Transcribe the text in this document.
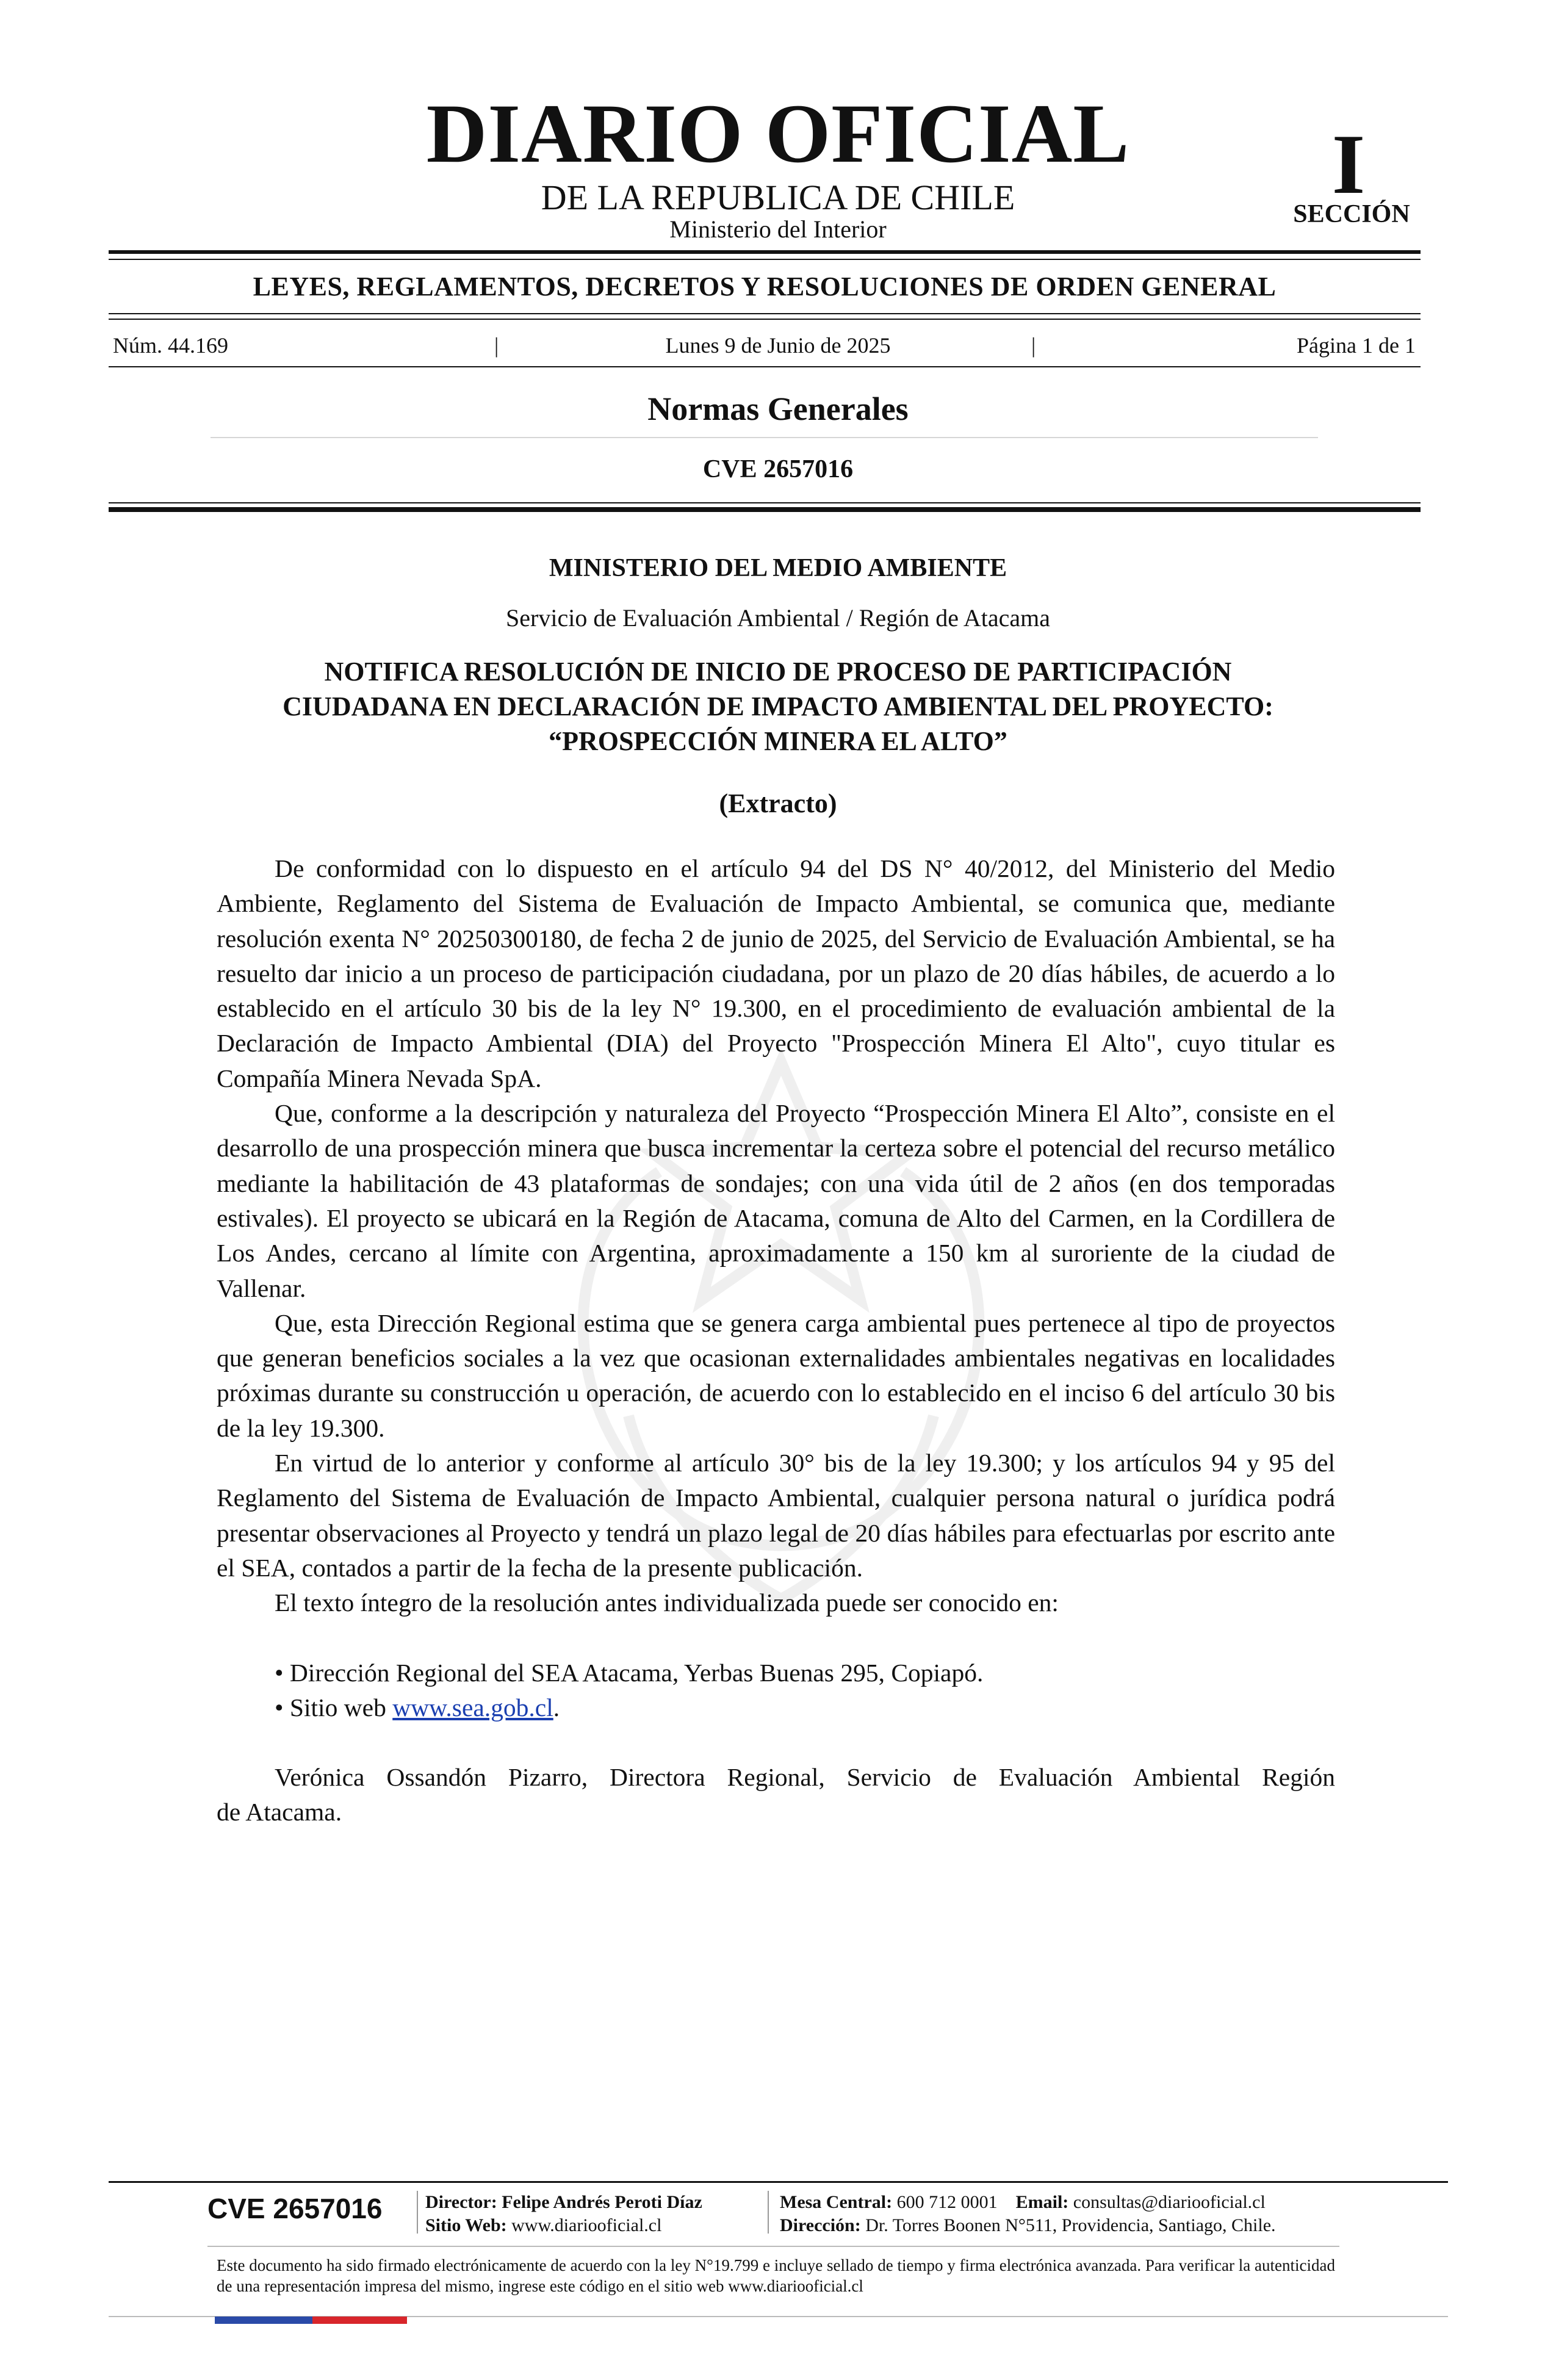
DIARIO OFICIAL
DE LA REPUBLICA DE CHILE
Ministerio del Interior
I
SECCIÓN
LEYES, REGLAMENTOS, DECRETOS Y RESOLUCIONES DE ORDEN GENERAL
Núm. 44.169	|	Lunes 9 de Junio de 2025	|	Página 1 de 1
Normas Generales
CVE 2657016
MINISTERIO DEL MEDIO AMBIENTE
Servicio de Evaluación Ambiental / Región de Atacama
NOTIFICA RESOLUCIÓN DE INICIO DE PROCESO DE PARTICIPACIÓN
CIUDADANA EN DECLARACIÓN DE IMPACTO AMBIENTAL DEL PROYECTO:
“PROSPECCIÓN MINERA EL ALTO”
(Extracto)

De conformidad con lo dispuesto en el artículo 94 del DS N° 40/2012, del Ministerio del Medio Ambiente, Reglamento del Sistema de Evaluación de Impacto Ambiental, se comunica que, mediante resolución exenta N° 20250300180, de fecha 2 de junio de 2025, del Servicio de Evaluación Ambiental, se ha resuelto dar inicio a un proceso de participación ciudadana, por un plazo de 20 días hábiles, de acuerdo a lo establecido en el artículo 30 bis de la ley N° 19.300, en el procedimiento de evaluación ambiental de la Declaración de Impacto Ambiental (DIA) del Proyecto "Prospección Minera El Alto", cuyo titular es Compañía Minera Nevada SpA.

Que, conforme a la descripción y naturaleza del Proyecto “Prospección Minera El Alto”, consiste en el desarrollo de una prospección minera que busca incrementar la certeza sobre el potencial del recurso metálico mediante la habilitación de 43 plataformas de sondajes; con una vida útil de 2 años (en dos temporadas estivales). El proyecto se ubicará en la Región de Atacama, comuna de Alto del Carmen, en la Cordillera de Los Andes, cercano al límite con Argentina, aproximadamente a 150 km al suroriente de la ciudad de Vallenar.

Que, esta Dirección Regional estima que se genera carga ambiental pues pertenece al tipo de proyectos que generan beneficios sociales a la vez que ocasionan externalidades ambientales negativas en localidades próximas durante su construcción u operación, de acuerdo con lo establecido en el inciso 6 del artículo 30 bis de la ley 19.300.

En virtud de lo anterior y conforme al artículo 30° bis de la ley 19.300; y los artículos 94 y 95 del Reglamento del Sistema de Evaluación de Impacto Ambiental, cualquier persona natural o jurídica podrá presentar observaciones al Proyecto y tendrá un plazo legal de 20 días hábiles para efectuarlas por escrito ante el SEA, contados a partir de la fecha de la presente publicación.

El texto íntegro de la resolución antes individualizada puede ser conocido en:

• Dirección Regional del SEA Atacama, Yerbas Buenas 295, Copiapó.

• Sitio web www.sea.gob.cl.

Verónica Ossandón Pizarro, Directora Regional, Servicio de Evaluación Ambiental Región

de Atacama.

CVE 2657016	Director: Felipe Andrés Peroti Díaz
Sitio Web: www.diariooficial.cl
Mesa Central: 600 712 0001 Email: consultas@diariooficial.cl
Dirección: Dr. Torres Boonen N°511, Providencia, Santiago, Chile.
Este documento ha sido firmado electrónicamente de acuerdo con la ley N°19.799 e incluye sellado de tiempo y firma electrónica avanzada. Para verificar la autenticidad de una representación impresa del mismo, ingrese este código en el sitio web www.diariooficial.cl
